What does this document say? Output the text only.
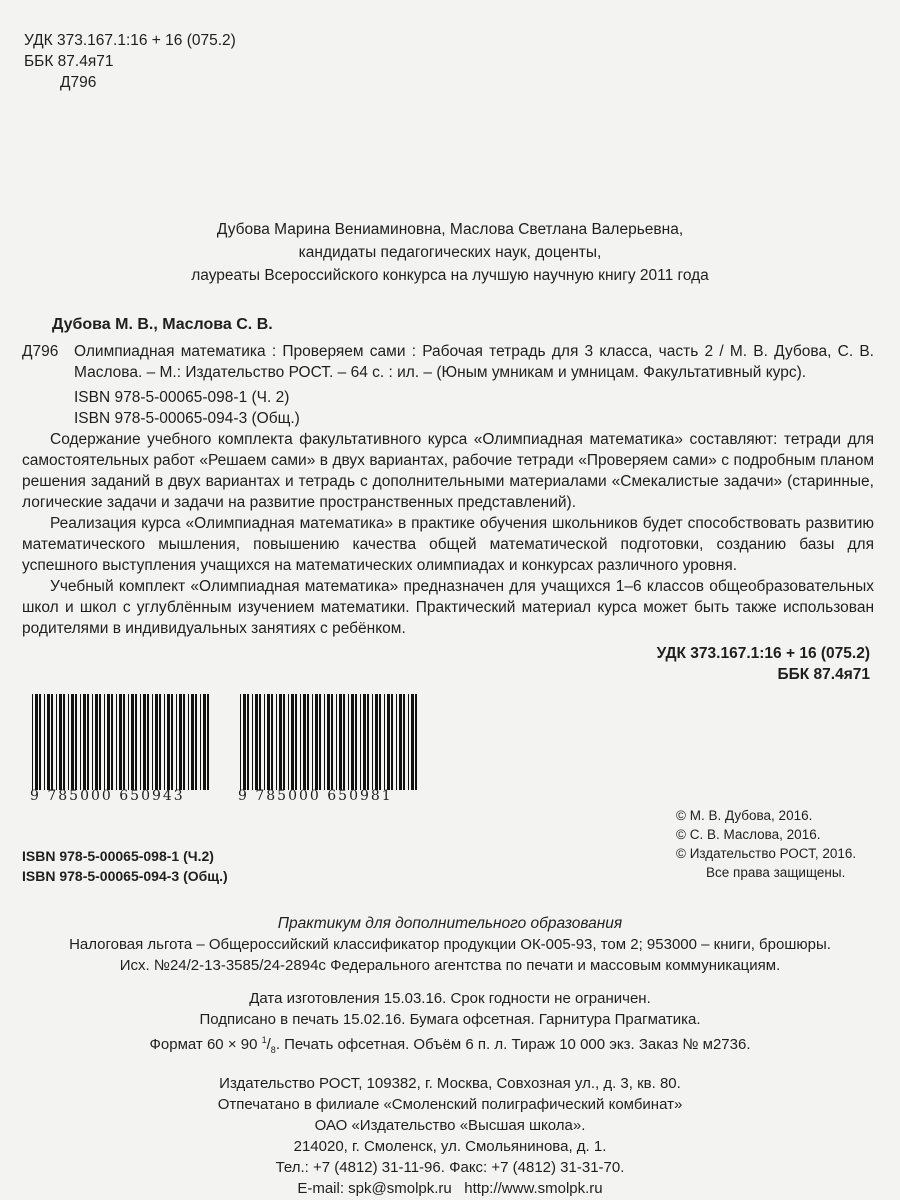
УДК 373.167.1:16 + 16 (075.2)
ББК 87.4я71
Д796
Дубова Марина Вениаминовна, Маслова Светлана Валерьевна,
кандидаты педагогических наук, доценты,
лауреаты Всероссийского конкурса на лучшую научную книгу 2011 года
Дубова М. В., Маслова С. В.
Д796	Олимпиадная математика : Проверяем сами : Рабочая тетрадь для 3 класса, часть 2 / М. В. Дубова, С. В. Маслова. – М.: Издательство РОСТ. – 64 с. : ил. – (Юным умникам и умницам. Факультативный курс).
ISBN 978-5-00065-098-1 (Ч. 2)
ISBN 978-5-00065-094-3 (Общ.)

Содержание учебного комплекта факультативного курса «Олимпиадная математика» составляют: тетради для самостоятельных работ «Решаем сами» в двух вариантах, рабочие тетради «Проверяем сами» с подробным планом решения заданий в двух вариантах и тетрадь с дополнительными материалами «Смекалистые задачи» (старинные, логические задачи и задачи на развитие пространственных представлений).

Реализация курса «Олимпиадная математика» в практике обучения школьников будет способствовать развитию математического мышления, повышению качества общей математической подготовки, созданию базы для успешного выступления учащихся на математических олимпиадах и конкурсах различного уровня.

Учебный комплект «Олимпиадная математика» предназначен для учащихся 1–6 классов общеобразовательных школ и школ с углублённым изучением математики. Практический материал курса может быть также использован родителями в индивидуальных занятиях с ребёнком.

УДК 373.167.1:16 + 16 (075.2)
ББК 87.4я71
9 785000 650943	9 785000 650981
© М. В. Дубова, 2016.
© С. В. Маслова, 2016.
© Издательство РОСТ, 2016.
Все права защищены.
ISBN 978-5-00065-098-1 (Ч.2)
ISBN 978-5-00065-094-3 (Общ.)
Практикум для дополнительного образования
Налоговая льгота – Общероссийский классификатор продукции ОК-005-93, том 2; 953000 – книги, брошюры.
Исх. №24/2-13-3585/24-2894с Федерального агентства по печати и массовым коммуникациям.
Дата изготовления 15.03.16. Срок годности не ограничен.
Подписано в печать 15.02.16. Бумага офсетная. Гарнитура Прагматика.
Формат 60 × 90 $^1/_8$. Печать офсетная. Объём 6 п. л. Тираж 10 000 экз. Заказ № м2736.
Издательство РОСТ, 109382, г. Москва, Совхозная ул., д. 3, кв. 80.
Отпечатано в филиале «Смоленский полиграфический комбинат»
ОАО «Издательство «Высшая школа».
214020, г. Смоленск, ул. Смольянинова, д. 1.
Тел.: +7 (4812) 31-11-96. Факс: +7 (4812) 31-31-70.
E-mail: spk@smolpk.ru   http://www.smolpk.ru
